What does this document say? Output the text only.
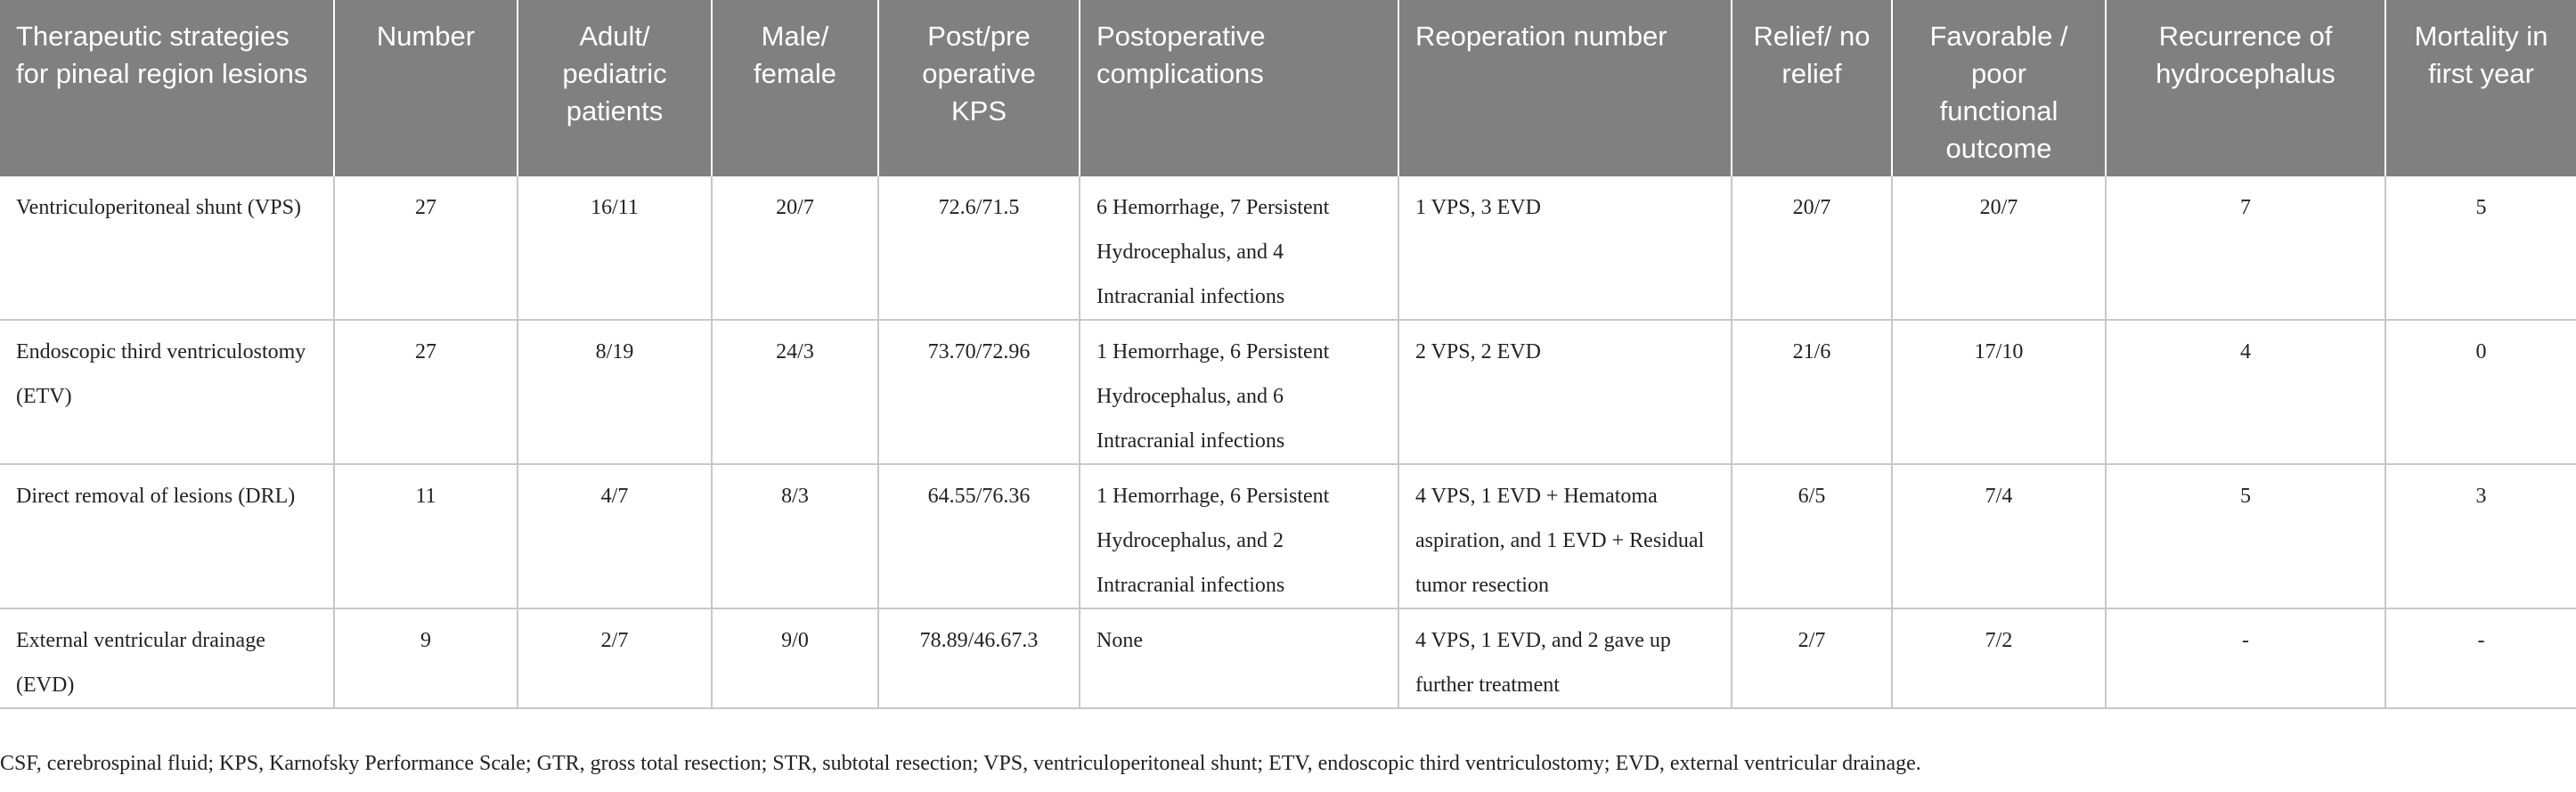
Therapeutic strategies for pineal region lesions	Number	Adult/ pediatric patients	Male/ female	Post/pre operative KPS	Postoperative complications	Reoperation number	Relief/ no relief	Favorable / poor functional outcome	Recurrence of hydrocephalus	Mortality in first year
Ventriculoperitoneal shunt (VPS)	27	16/11	20/7	72.6/71.5	6 Hemorrhage, 7 Persistent Hydrocephalus, and 4 Intracranial infections	1 VPS, 3 EVD	20/7	20/7	7	5
Endoscopic third ventriculostomy (ETV)	27	8/19	24/3	73.70/72.96	1 Hemorrhage, 6 Persistent Hydrocephalus, and 6 Intracranial infections	2 VPS, 2 EVD	21/6	17/10	4	0
Direct removal of lesions (DRL)	11	4/7	8/3	64.55/76.36	1 Hemorrhage, 6 Persistent Hydrocephalus, and 2 Intracranial infections	4 VPS, 1 EVD + Hematoma aspiration, and 1 EVD + Residual tumor resection	6/5	7/4	5	3
External ventricular drainage (EVD)	9	2/7	9/0	78.89/46.67.3	None	4 VPS, 1 EVD, and 2 gave up further treatment	2/7	7/2	-	-
CSF, cerebrospinal fluid; KPS, Karnofsky Performance Scale; GTR, gross total resection; STR, subtotal resection; VPS, ventriculoperitoneal shunt; ETV, endoscopic third ventriculostomy; EVD, external ventricular drainage.
